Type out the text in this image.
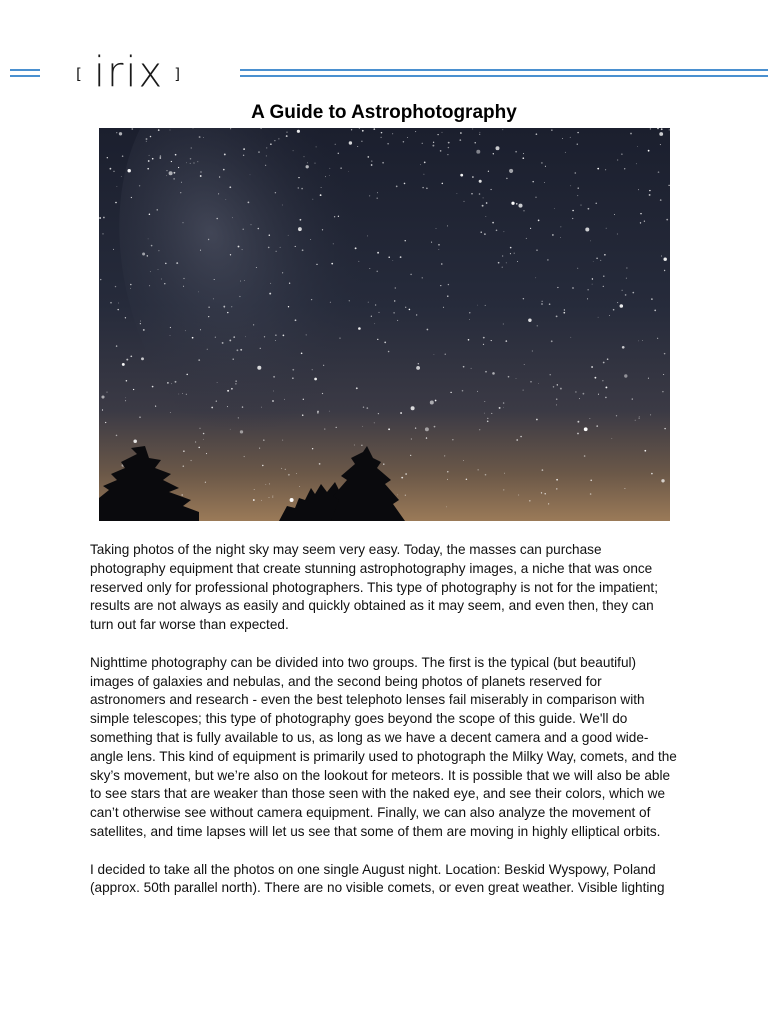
[ irix ]
A Guide to Astrophotography

Taking photos of the night sky may seem very easy. Today, the masses can purchase photography equipment that create stunning astrophotography images, a niche that was once reserved only for professional photographers. This type of photography is not for the impatient; results are not always as easily and quickly obtained as it may seem, and even then, they can turn out far worse than expected.

Nighttime photography can be divided into two groups. The first is the typical (but beautiful) images of galaxies and nebulas, and the second being photos of planets reserved for astronomers and research - even the best telephoto lenses fail miserably in comparison with simple telescopes; this type of photography goes beyond the scope of this guide. We'll do something that is fully available to us, as long as we have a decent camera and a good wide-angle lens. This kind of equipment is primarily used to photograph the Milky Way, comets, and the sky’s movement, but we’re also on the lookout for meteors. It is possible that we will also be able to see stars that are weaker than those seen with the naked eye, and see their colors, which we can’t otherwise see without camera equipment. Finally, we can also analyze the movement of satellites, and time lapses will let us see that some of them are moving in highly elliptical orbits.

I decided to take all the photos on one single August night. Location: Beskid Wyspowy, Poland (approx. 50th parallel north). There are no visible comets, or even great weather. Visible lighting
